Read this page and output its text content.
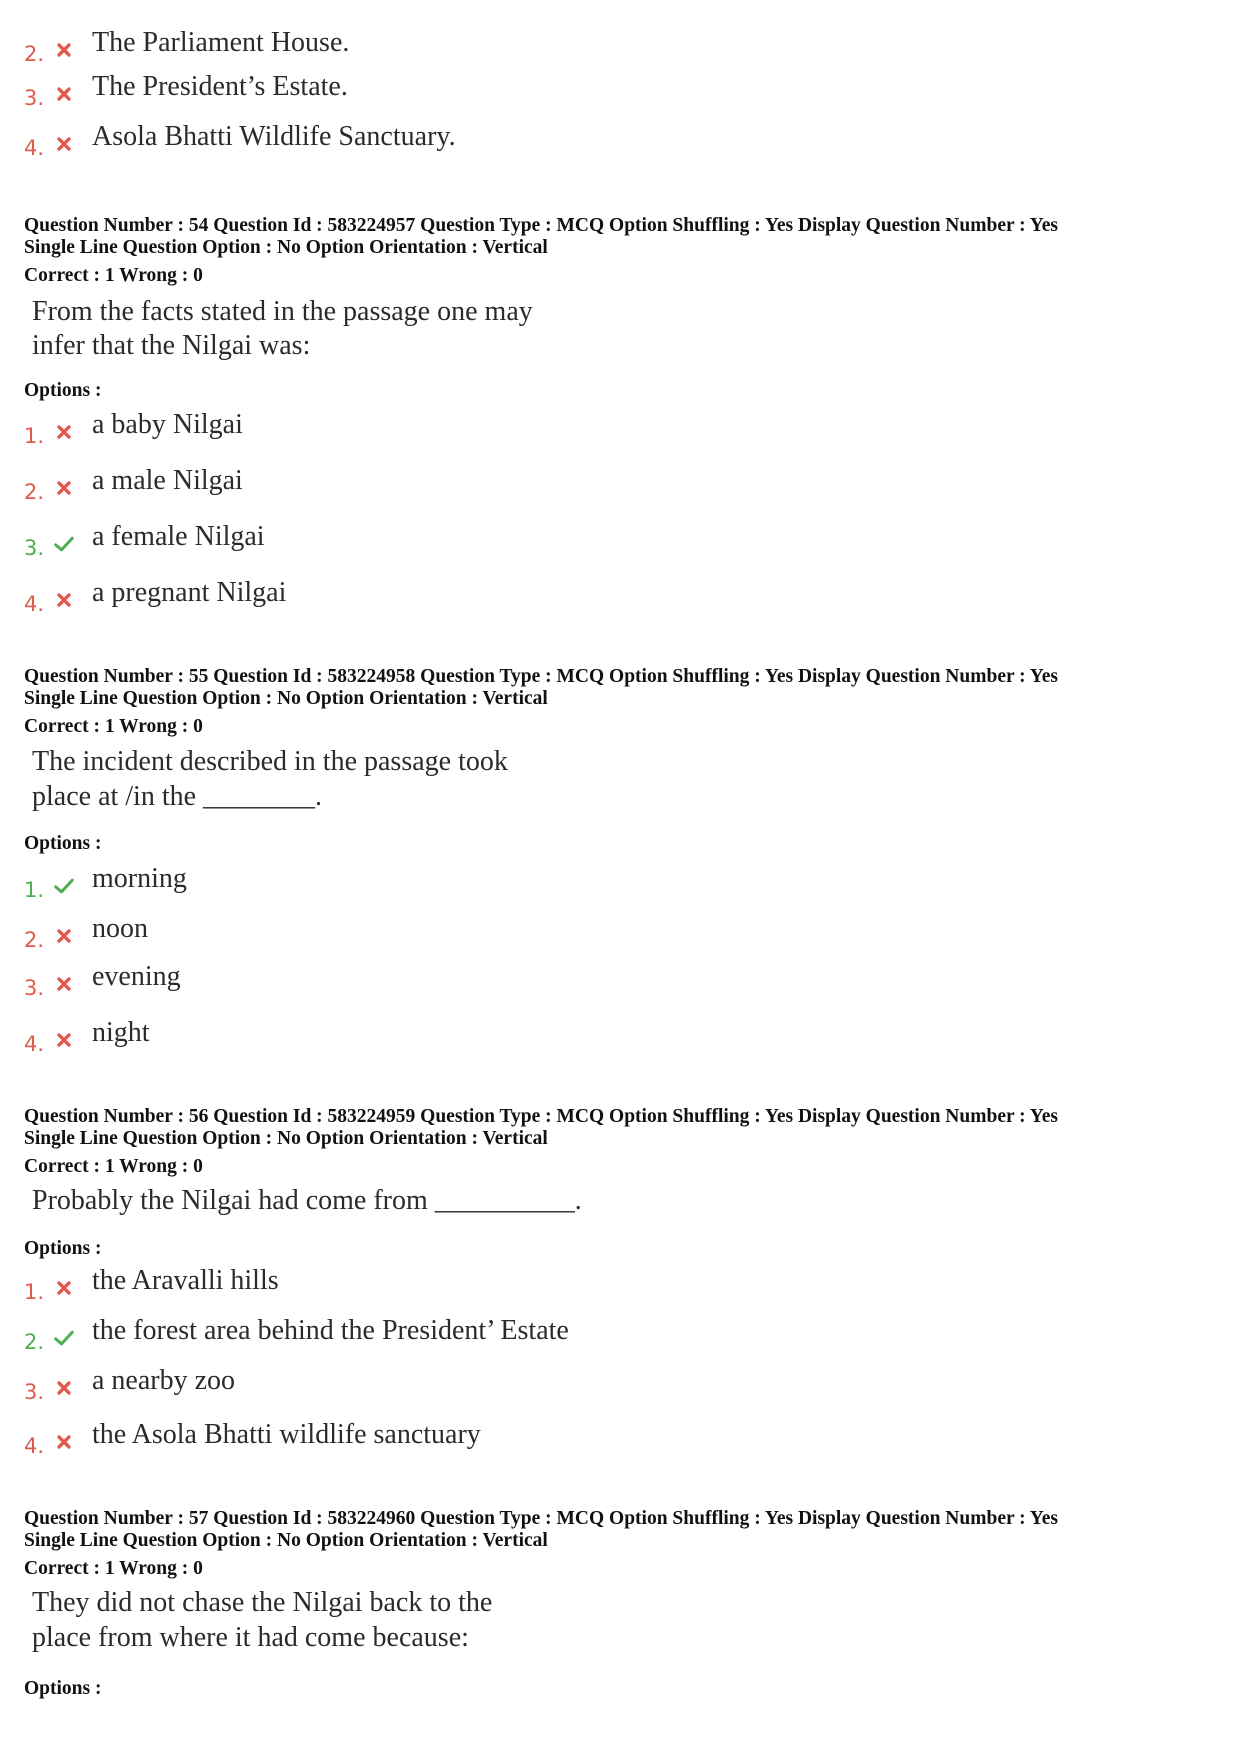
2. The Parliament House.
3. The President’s Estate.
4. Asola Bhatti Wildlife Sanctuary.
Question Number : 54 Question Id : 583224957 Question Type : MCQ Option Shuffling : Yes Display Question Number : Yes
Single Line Question Option : No Option Orientation : Vertical
Correct : 1 Wrong : 0
From the facts stated in the passage one may
infer that the Nilgai was:
Options :
1. a baby Nilgai
2. a male Nilgai
3. a female Nilgai
4. a pregnant Nilgai
Question Number : 55 Question Id : 583224958 Question Type : MCQ Option Shuffling : Yes Display Question Number : Yes
Single Line Question Option : No Option Orientation : Vertical
Correct : 1 Wrong : 0
The incident described in the passage took
place at /in the ________.
Options :
1. morning
2. noon
3. evening
4. night
Question Number : 56 Question Id : 583224959 Question Type : MCQ Option Shuffling : Yes Display Question Number : Yes
Single Line Question Option : No Option Orientation : Vertical
Correct : 1 Wrong : 0
Probably the Nilgai had come from __________.
Options :
1. the Aravalli hills
2. the forest area behind the President’ Estate
3. a nearby zoo
4. the Asola Bhatti wildlife sanctuary
Question Number : 57 Question Id : 583224960 Question Type : MCQ Option Shuffling : Yes Display Question Number : Yes
Single Line Question Option : No Option Orientation : Vertical
Correct : 1 Wrong : 0
They did not chase the Nilgai back to the
place from where it had come because:
Options :
